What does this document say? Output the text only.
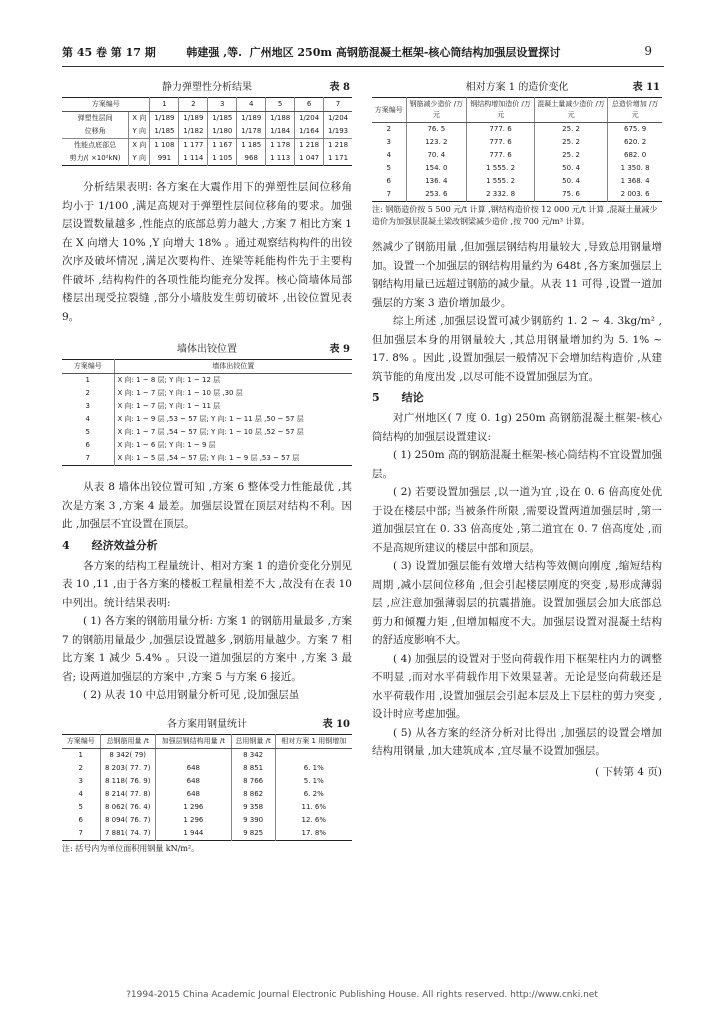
第 45 卷 第 17 期	韩建强 ,等. 广州地区 250m 高钢筋混凝土框架-核心筒结构加强层设置探讨	9
静力弹塑性分析结果	表 8
方案编号		1	2	3	4	5	6	7
弹塑性层间	X 向	1/189	1/189	1/185	1/189	1/188	1/204	1/204
位移角	Y 向	1/185	1/182	1/180	1/178	1/184	1/164	1/193
性能点底部总	X 向	1 108	1 177	1 167	1 185	1 178	1 218	1 218
剪力/( ×10²kN)	Y 向	991	1 114	1 105	968	1 113	1 047	1 171

分析结果表明: 各方案在大震作用下的弹塑性层间位移角均小于 1/100 ,满足高规对于弹塑性层间位移角的要求。加强层设置数量越多 ,性能点的底部总剪力越大 ,方案 7 相比方案 1 在 X 向增大 10% ,Y 向增大 18% 。通过观察结构构件的出铰次序及破坏情况 ,满足次要构件、连梁等耗能构件先于主要构件破坏 ,结构构件的各项性能均能充分发挥。核心筒墙体局部楼层出现受拉裂缝 ,部分小墙肢发生剪切破坏 ,出铰位置见表 9。

墙体出铰位置	表 9
方案编号	墙体出铰位置
1	X 向: 1 ~ 8 层; Y 向: 1 ~ 12 层
2	X 向: 1 ~ 7 层; Y 向: 1 ~ 10 层 ,30 层
3	X 向: 1 ~ 7 层; Y 向: 1 ~ 11 层
4	X 向: 1 ~ 9 层 ,53 ~ 57 层; Y 向: 1 ~ 11 层 ,50 ~ 57 层
5	X 向: 1 ~ 7 层 ,54 ~ 57 层; Y 向: 1 ~ 10 层 ,52 ~ 57 层
6	X 向: 1 ~ 6 层; Y 向: 1 ~ 9 层
7	X 向: 1 ~ 5 层 ,54 ~ 57 层; Y 向: 1 ~ 9 层 ,53 ~ 57 层

从表 8 墙体出铰位置可知 ,方案 6 整体受力性能最优 ,其次是方案 3 ,方案 4 最差。加强层设置在顶层对结构不利。因此 ,加强层不宜设置在顶层。

4　　经济效益分析

各方案的结构工程量统计、相对方案 1 的造价变化分别见表 10 ,11 ,由于各方案的楼板工程量相差不大 ,故没有在表 10 中列出。统计结果表明:

( 1) 各方案的钢筋用量分析: 方案 1 的钢筋用量最多 ,方案 7 的钢筋用量最少 ,加强层设置越多 ,钢筋用量越少。方案 7 相比方案 1 减少 5.4% 。只设一道加强层的方案中 ,方案 3 最省; 设两道加强层的方案中 ,方案 5 与方案 6 接近。

( 2) 从表 10 中总用钢量分析可见 ,设加强层虽

各方案用钢量统计	表 10
方案编号	总钢筋用量 /t	加强层钢结构用量 /t	总用钢量 /t	相对方案 1 用钢增加
1	8 342( 79)		8 342	
2	8 203( 77. 7)	648	8 851	6. 1%
3	8 118( 76. 9)	648	8 766	5. 1%
4	8 214( 77. 8)	648	8 862	6. 2%
5	8 062( 76. 4)	1 296	9 358	11. 6%
6	8 094( 76. 7)	1 296	9 390	12. 6%
7	7 881( 74. 7)	1 944	9 825	17. 8%
注: 括号内为单位面积用钢量 kN/m²。
相对方案 1 的造价变化	表 11
方案编号	钢筋减少造价 /万元	钢结构增加造价 /万元	混凝土量减少造价 /万元	总造价增加 /万元
2	76. 5	777. 6	25. 2	675. 9
3	123. 2	777. 6	25. 2	620. 2
4	70. 4	777. 6	25. 2	682. 0
5	154. 0	1 555. 2	50. 4	1 350. 8
6	136. 4	1 555. 2	50. 4	1 368. 4
7	253. 6	2 332. 8	75. 6	2 003. 6
注: 钢筋造价按 5 500 元/t 计算 ,钢结构造价按 12 000 元/t 计算 ,混凝土量减少造价为加强层混凝土梁改钢梁减少造价 ,按 700 元/m³ 计算。

然减少了钢筋用量 ,但加强层钢结构用量较大 ,导致总用钢量增加。设置一个加强层的钢结构用量约为 648t ,各方案加强层上钢结构用量已远超过钢筋的减少量。从表 11 可得 ,设置一道加强层的方案 3 造价增加最少。

综上所述 ,加强层设置可减少钢筋约 1. 2 ~ 4. 3kg/m² ,但加强层本身的用钢量较大 ,其总用钢量增加约为 5. 1% ~ 17. 8% 。因此 ,设置加强层一般情况下会增加结构造价 ,从建筑节能的角度出发 ,以尽可能不设置加强层为宜。

5　　结论

对广州地区( 7 度 0. 1g) 250m 高钢筋混凝土框架-核心筒结构的加强层设置建议:

( 1) 250m 高的钢筋混凝土框架-核心筒结构不宜设置加强层。

( 2) 若要设置加强层 ,以一道为宜 ,设在 0. 6 倍高度处优于设在楼层中部; 当被条件所限 ,需要设置两道加强层时 ,第一道加强层宜在 0. 33 倍高度处 ,第二道宜在 0. 7 倍高度处 ,而不是高规所建议的楼层中部和顶层。

( 3) 设置加强层能有效增大结构等效侧向刚度 ,缩短结构周期 ,减小层间位移角 ,但会引起楼层刚度的突变 ,易形成薄弱层 ,应注意加强薄弱层的抗震措施。设置加强层会加大底部总剪力和倾覆力矩 ,但增加幅度不大。加强层设置对混凝土结构的舒适度影响不大。

( 4) 加强层的设置对于竖向荷载作用下框架柱内力的调整不明显 ,而对水平荷载作用下效果显著。无论是竖向荷载还是水平荷载作用 ,设置加强层会引起本层及上下层柱的剪力突变 ,设计时应考虑加强。

( 5) 从各方案的经济分析对比得出 ,加强层的设置会增加结构用钢量 ,加大建筑成本 ,宜尽量不设置加强层。

( 下转第 4 页)
?1994-2015 China Academic Journal Electronic Publishing House. All rights reserved. http://www.cnki.net
